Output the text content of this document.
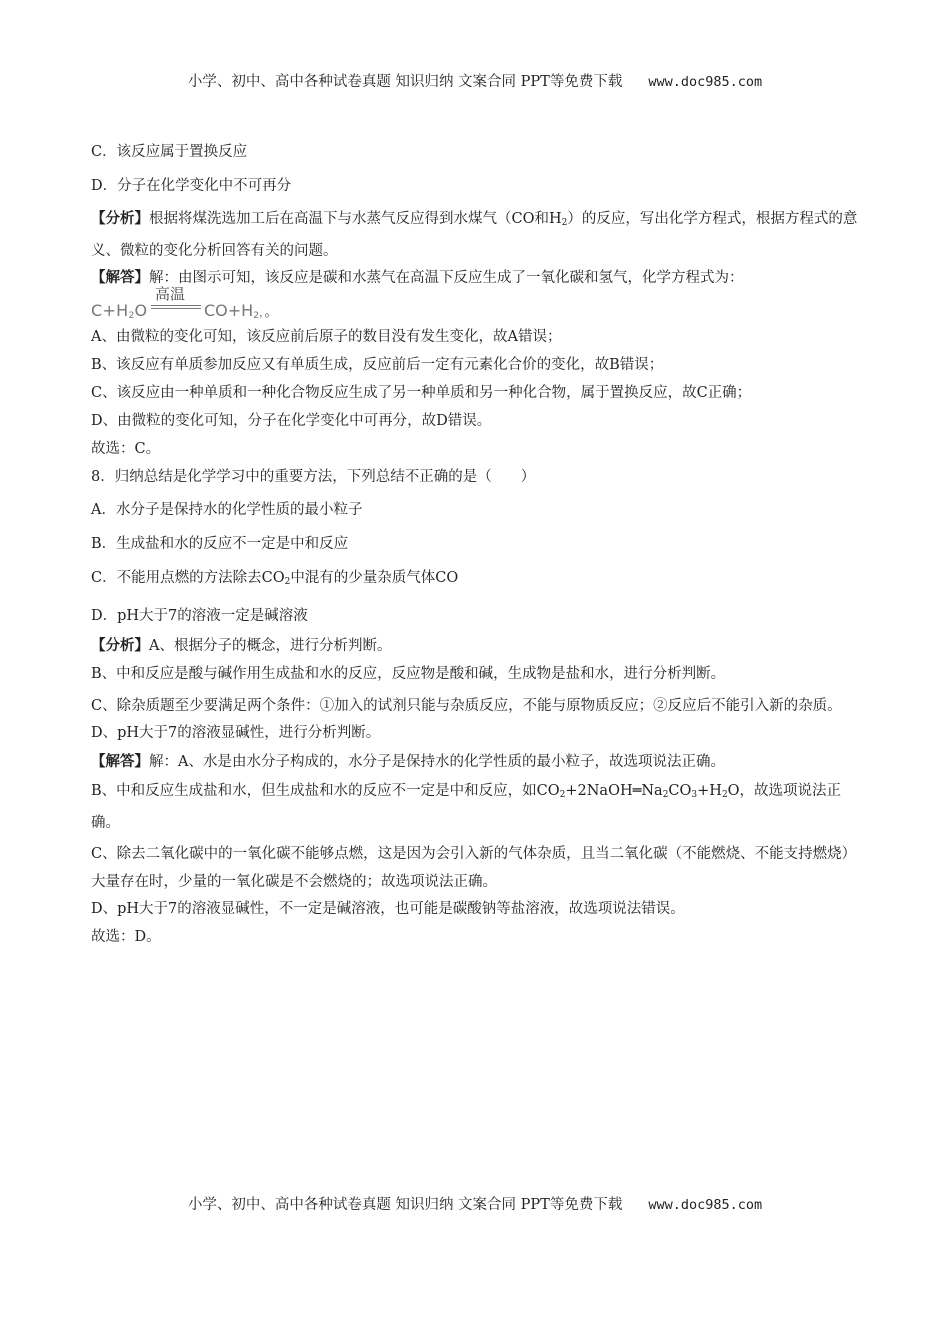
小学、初中、高中各种试卷真题 知识归纳 文案合同 PPT等免费下载 www.doc985.com

C．该反应属于置换反应

D．分子在化学变化中不可再分

【分析】根据将煤洗选加工后在高温下与水蒸气反应得到水煤气（CO和$H_2$）的反应，写出化学方程式，根据方程式的意义、微粒的变化分析回答有关的问题。

【解答】解：由图示可知，该反应是碳和水蒸气在高温下反应生成了一氧化碳和氢气，化学方程式为：

$C+H_2O$
高温
$CO+H_2$，。

A、由微粒的变化可知，该反应前后原子的数目没有发生变化，故A错误；

B、该反应有单质参加反应又有单质生成，反应前后一定有元素化合价的变化，故B错误；

C、该反应由一种单质和一种化合物反应生成了另一种单质和另一种化合物，属于置换反应，故C正确；

D、由微粒的变化可知，分子在化学变化中可再分，故D错误。

故选：C。

8．归纳总结是化学学习中的重要方法，下列总结不正确的是（　　）

A．水分子是保持水的化学性质的最小粒子

B．生成盐和水的反应不一定是中和反应

C．不能用点燃的方法除去$CO_2$中混有的少量杂质气体CO

D．pH大于7的溶液一定是碱溶液

【分析】A、根据分子的概念，进行分析判断。

B、中和反应是酸与碱作用生成盐和水的反应，反应物是酸和碱，生成物是盐和水，进行分析判断。

C、除杂质题至少要满足两个条件：①加入的试剂只能与杂质反应，不能与原物质反应；②反应后不能引入新的杂质。

D、pH大于7的溶液显碱性，进行分析判断。

【解答】解：A、水是由水分子构成的，水分子是保持水的化学性质的最小粒子，故选项说法正确。

B、中和反应生成盐和水，但生成盐和水的反应不一定是中和反应，如$CO_2+2NaOH═Na_2CO_3+H_2O$，故选项说法正确。

C、除去二氧化碳中的一氧化碳不能够点燃，这是因为会引入新的气体杂质，且当二氧化碳（不能燃烧、不能支持燃烧）大量存在时，少量的一氧化碳是不会燃烧的；故选项说法正确。

D、pH大于7的溶液显碱性，不一定是碱溶液，也可能是碳酸钠等盐溶液，故选项说法错误。

故选：D。

小学、初中、高中各种试卷真题 知识归纳 文案合同 PPT等免费下载 www.doc985.com
